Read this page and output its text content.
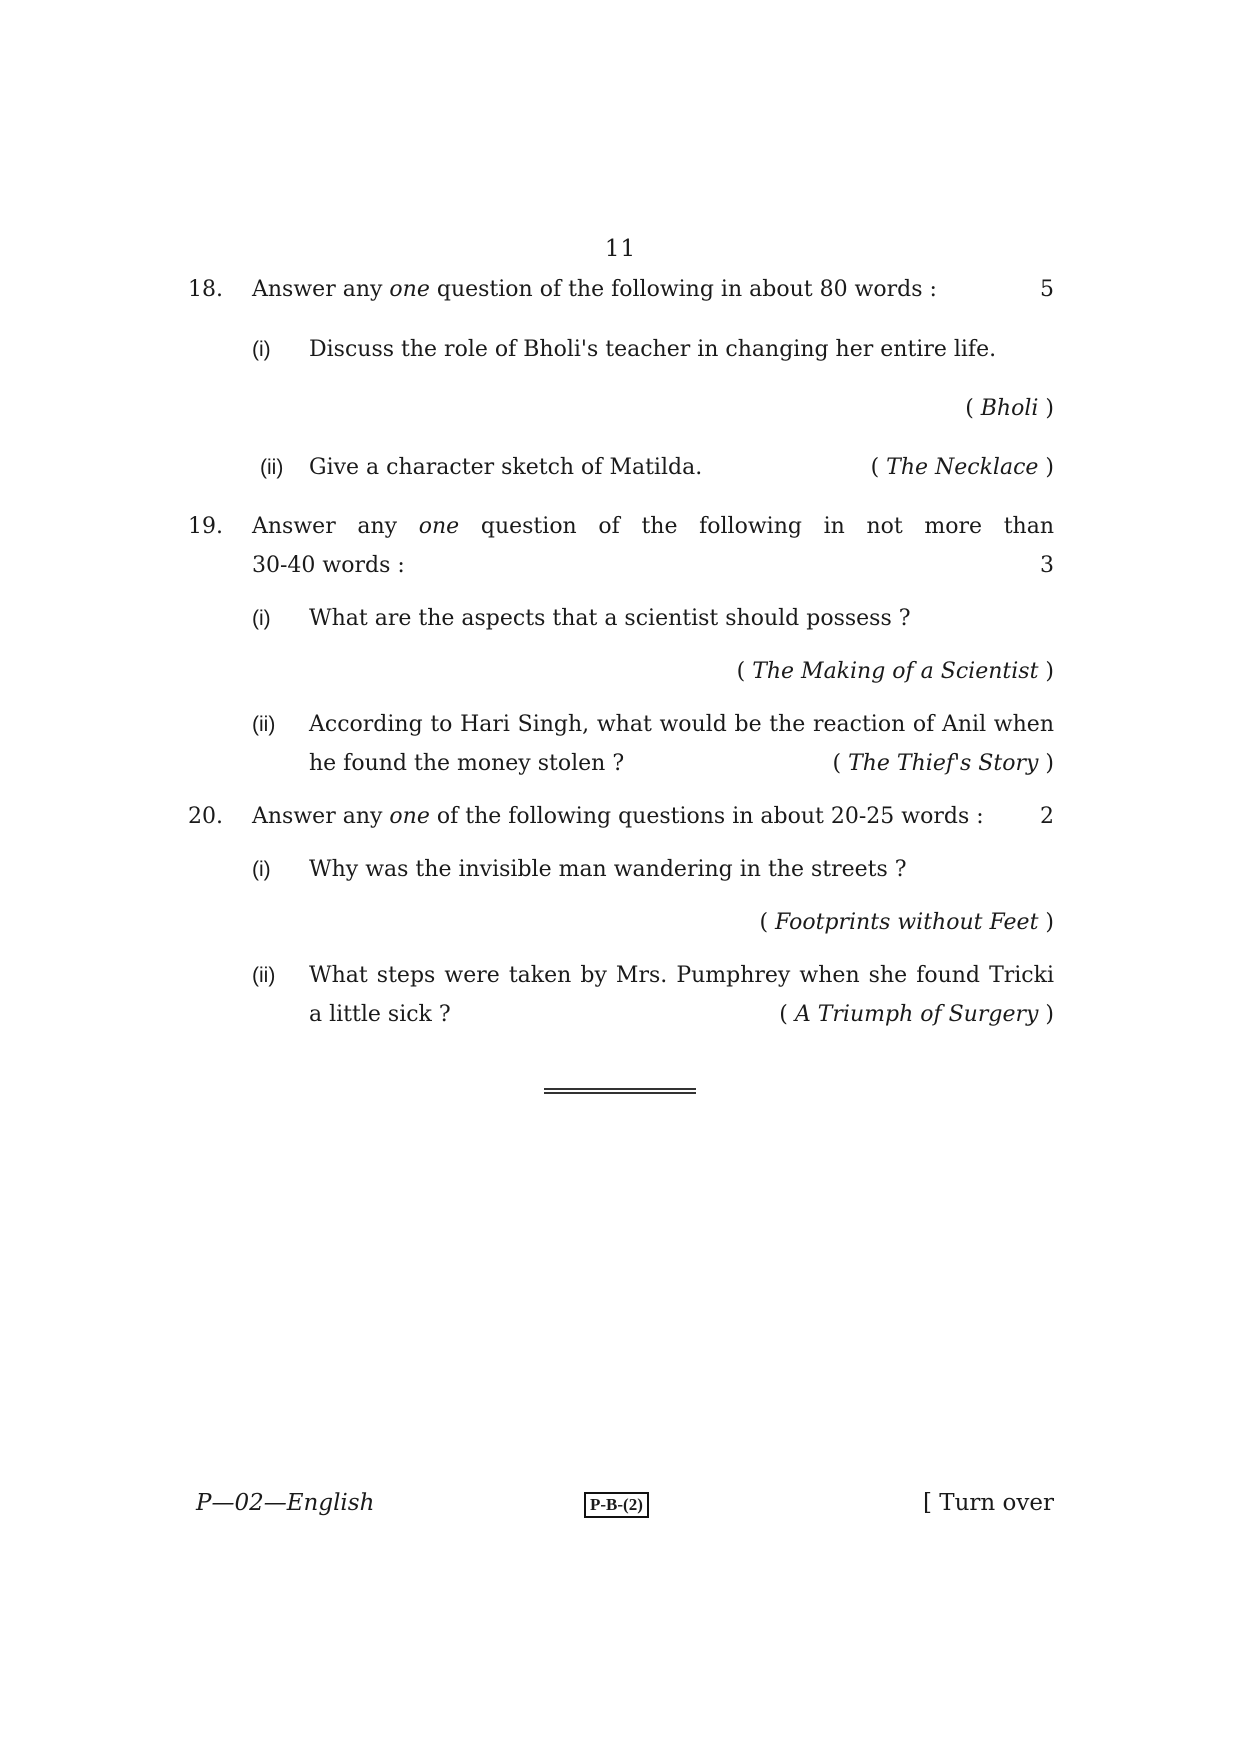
11
18. Answer any one question of the following in about 80 words :	5
(i) Discuss the role of Bholi's teacher in changing her entire life.
( Bholi )
(ii) Give a character sketch of Matilda.	( The Necklace )
19. Answer any one question of the following in not more than
30-40 words :	3
(i) What are the aspects that a scientist should possess ?
( The Making of a Scientist )
(ii) According to Hari Singh, what would be the reaction of Anil when
he found the money stolen ?	( The Thief's Story )
20. Answer any one of the following questions in about 20-25 words :	2
(i) Why was the invisible man wandering in the streets ?
( Footprints without Feet )
(ii) What steps were taken by Mrs. Pumphrey when she found Tricki
a little sick ?	( A Triumph of Surgery )
P—02—English	P-B-(2)	[ Turn over
